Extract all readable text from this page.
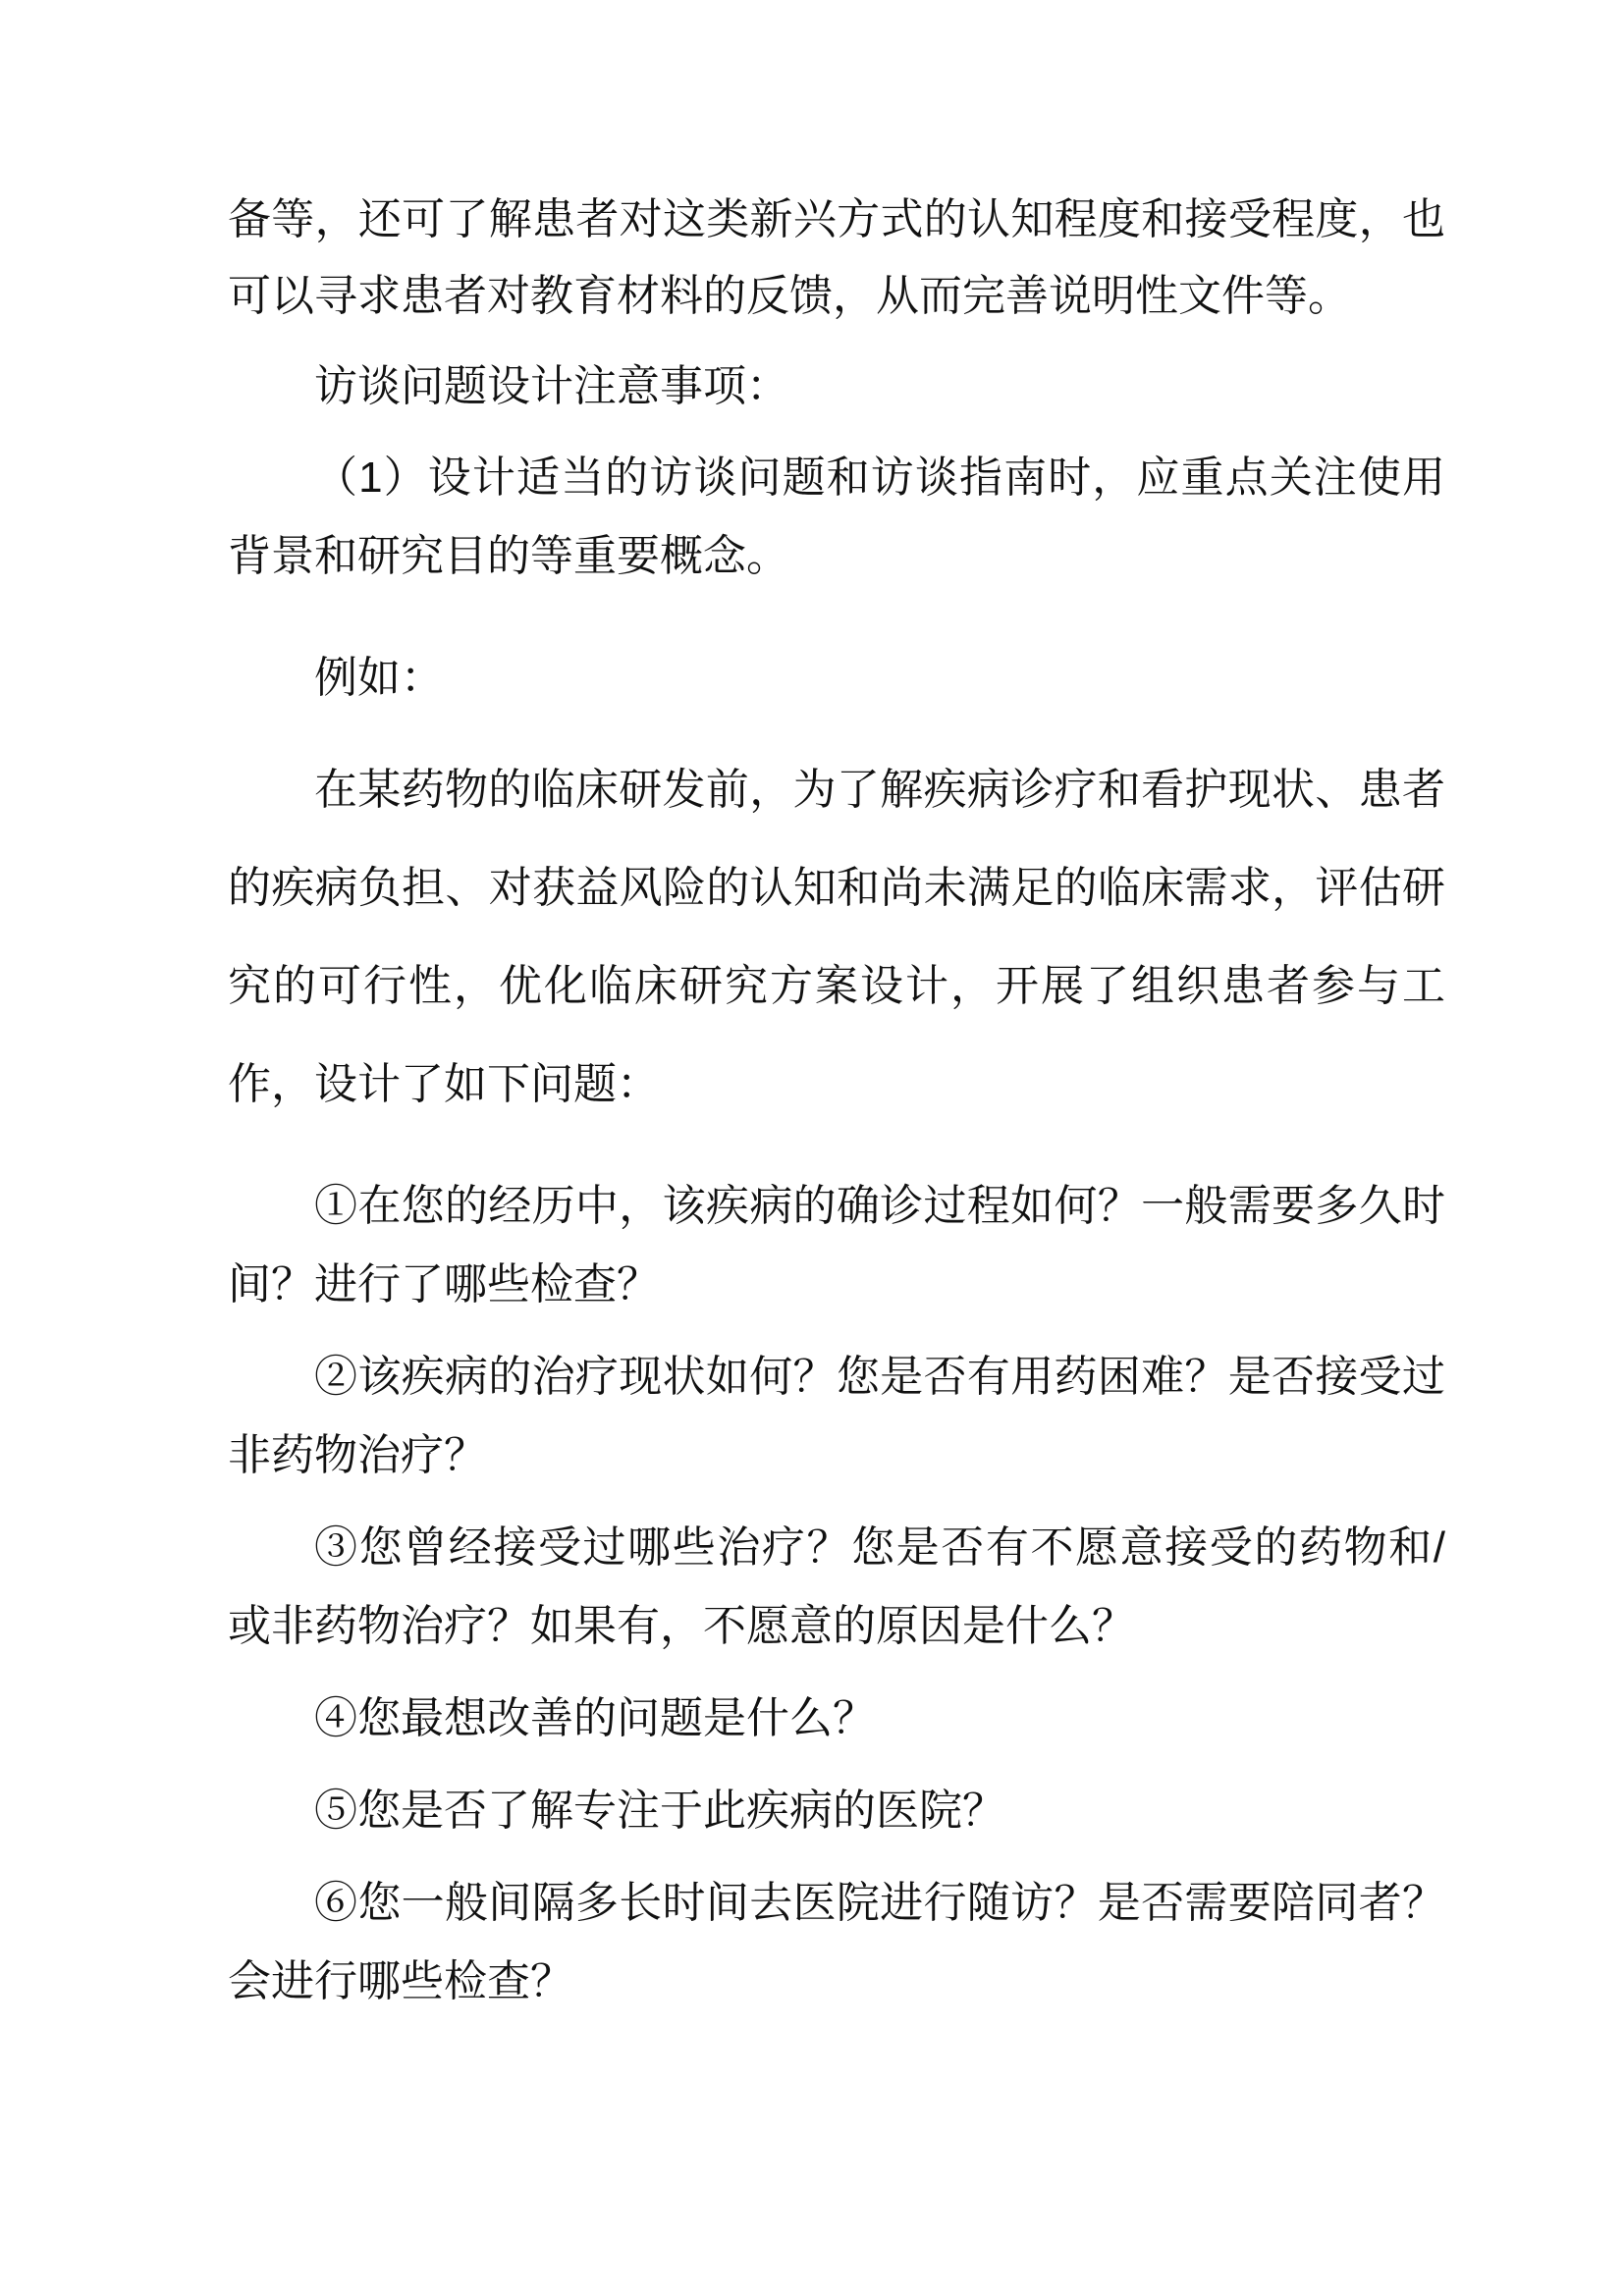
备等，还可了解患者对这类新兴方式的认知程度和接受程度，也可以寻求患者对教育材料的反馈，从而完善说明性文件等。

访谈问题设计注意事项：

（1）设计适当的访谈问题和访谈指南时，应重点关注使用背景和研究目的等重要概念。

例如：

在某药物的临床研发前，为了解疾病诊疗和看护现状、患者的疾病负担、对获益风险的认知和尚未满足的临床需求，评估研究的可行性，优化临床研究方案设计，开展了组织患者参与工作，设计了如下问题：

①在您的经历中，该疾病的确诊过程如何？一般需要多久时间？进行了哪些检查？

②该疾病的治疗现状如何？您是否有用药困难？是否接受过非药物治疗？

③您曾经接受过哪些治疗？您是否有不愿意接受的药物和/或非药物治疗？如果有，不愿意的原因是什么？

④您最想改善的问题是什么？

⑤您是否了解专注于此疾病的医院？

⑥您一般间隔多长时间去医院进行随访？是否需要陪同者？会进行哪些检查？
